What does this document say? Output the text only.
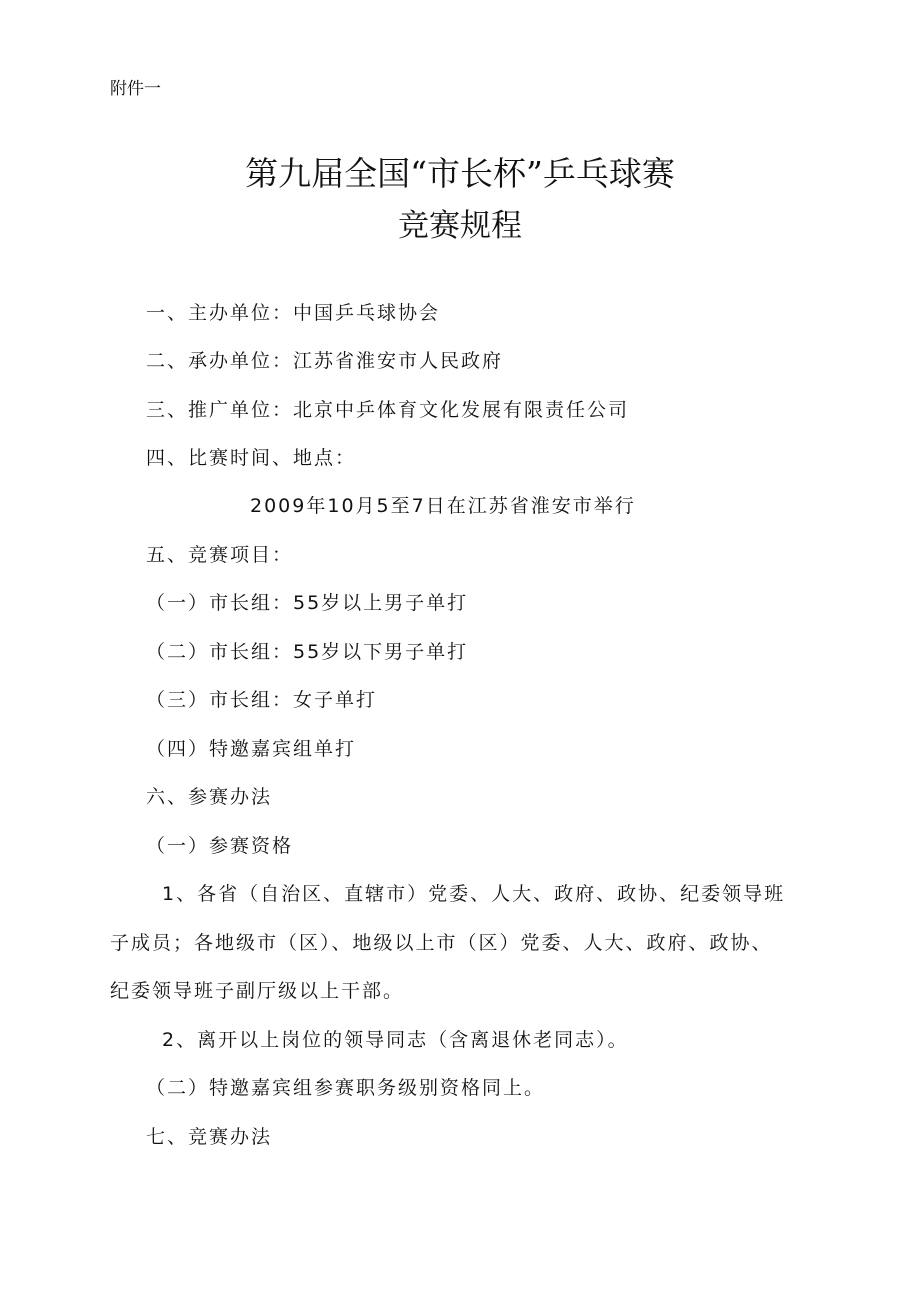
附件一
第九届全国“市长杯”乒乓球赛
竞赛规程
一、主办单位：中国乒乓球协会
二、承办单位：江苏省淮安市人民政府
三、推广单位：北京中乒体育文化发展有限责任公司
四、比赛时间、地点：
2009年10月5至7日在江苏省淮安市举行
五、竞赛项目：
（一）市长组：55岁以上男子单打
（二）市长组：55岁以下男子单打
（三）市长组：女子单打
（四）特邀嘉宾组单打
六、参赛办法
（一）参赛资格
1、各省（自治区、直辖市）党委、人大、政府、政协、纪委领导班
子成员；各地级市（区）、地级以上市（区）党委、人大、政府、政协、
纪委领导班子副厅级以上干部。
2、离开以上岗位的领导同志（含离退休老同志）。
（二）特邀嘉宾组参赛职务级别资格同上。
七、竞赛办法
